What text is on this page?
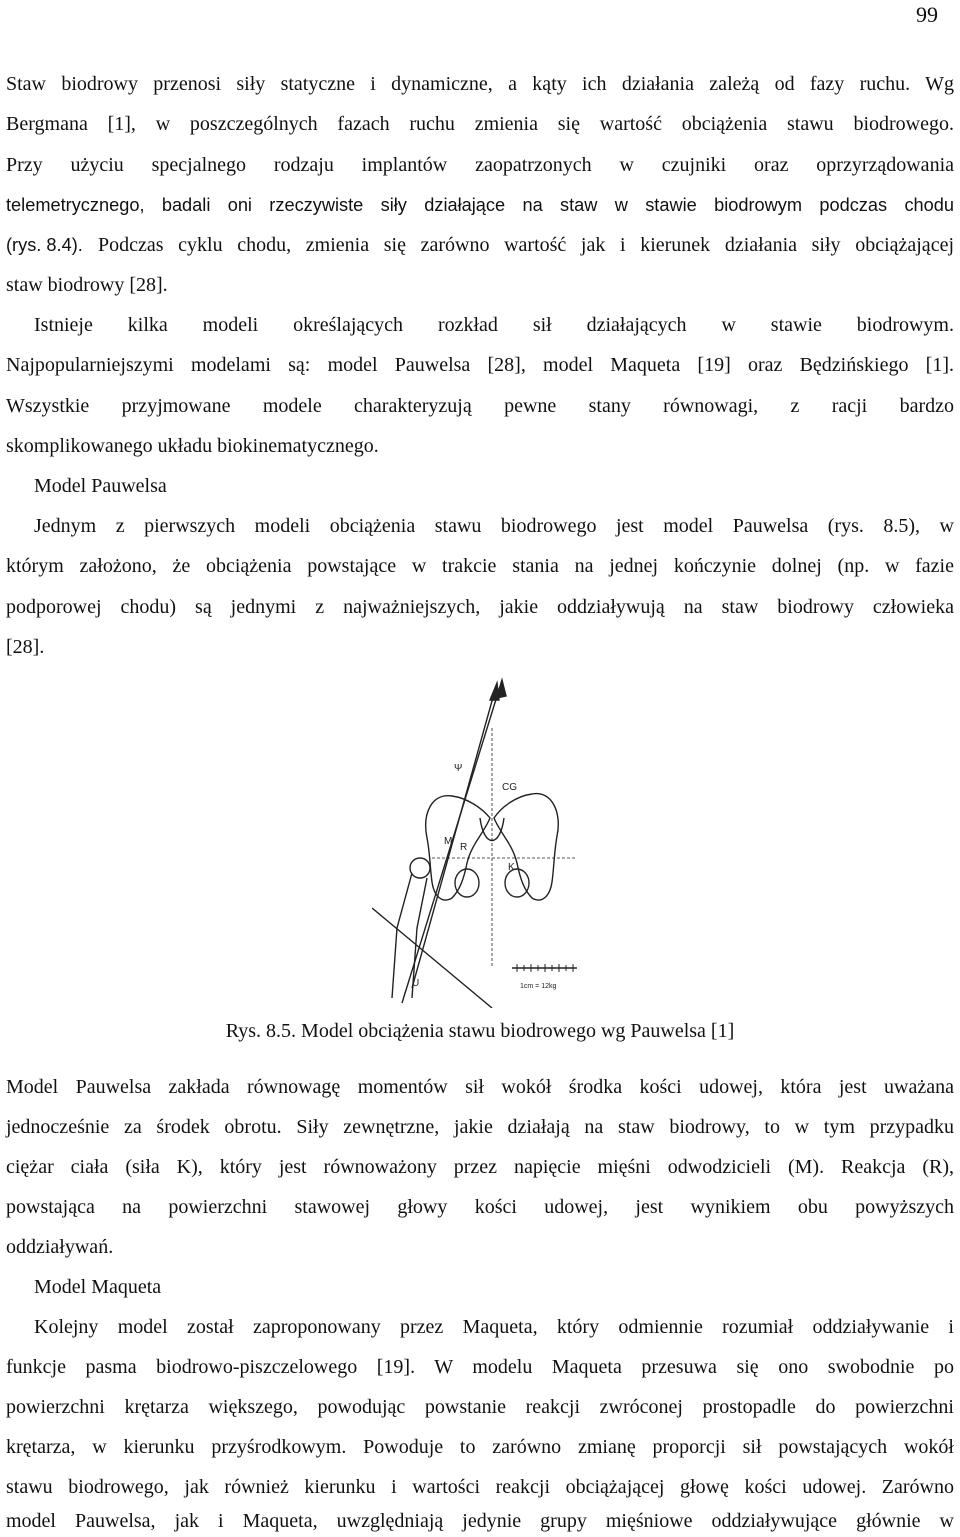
99
Staw biodrowy przenosi siły statyczne i dynamiczne, a kąty ich działania zależą od fazy ruchu. Wg
Bergmana [1], w poszczególnych fazach ruchu zmienia się wartość obciążenia stawu biodrowego.
Przy użyciu specjalnego rodzaju implantów zaopatrzonych w czujniki oraz oprzyrządowania
telemetrycznego, badali oni rzeczywiste siły działające na staw w stawie biodrowym podczas chodu
(rys. 8.4). Podczas cyklu chodu, zmienia się zarówno wartość jak i kierunek działania siły obciążającej
staw biodrowy [28].
Istnieje kilka modeli określających rozkład sił działających w stawie biodrowym.
Najpopularniejszymi modelami są: model Pauwelsa [28], model Maqueta [19] oraz Będzińskiego [1].
Wszystkie przyjmowane modele charakteryzują pewne stany równowagi, z racji bardzo
skomplikowanego układu biokinematycznego.
Model Pauwelsa
Jednym z pierwszych modeli obciążenia stawu biodrowego jest model Pauwelsa (rys. 8.5), w
którym założono, że obciążenia powstające w trakcie stania na jednej kończynie dolnej (np. w fazie
podporowej chodu) są jednymi z najważniejszych, jakie oddziaływują na staw biodrowy człowieka
[28].
Ψ
CG
M
R
K
U	1cm = 12kg
Rys. 8.5. Model obciążenia stawu biodrowego wg Pauwelsa [1]
Model Pauwelsa zakłada równowagę momentów sił wokół środka kości udowej, która jest uważana
jednocześnie za środek obrotu. Siły zewnętrzne, jakie działają na staw biodrowy, to w tym przypadku
ciężar ciała (siła K), który jest równoważony przez napięcie mięśni odwodzicieli (M). Reakcja (R),
powstająca na powierzchni stawowej głowy kości udowej, jest wynikiem obu powyższych
oddziaływań.
Model Maqueta
Kolejny model został zaproponowany przez Maqueta, który odmiennie rozumiał oddziaływanie i
funkcje pasma biodrowo-piszczelowego [19]. W modelu Maqueta przesuwa się ono swobodnie po
powierzchni krętarza większego, powodując powstanie reakcji zwróconej prostopadle do powierzchni
krętarza, w kierunku przyśrodkowym. Powoduje to zarówno zmianę proporcji sił powstających wokół
stawu biodrowego, jak również kierunku i wartości reakcji obciążającej głowę kości udowej. Zarówno
model Pauwelsa, jak i Maqueta, uwzględniają jedynie grupy mięśniowe oddziaływujące głównie w
